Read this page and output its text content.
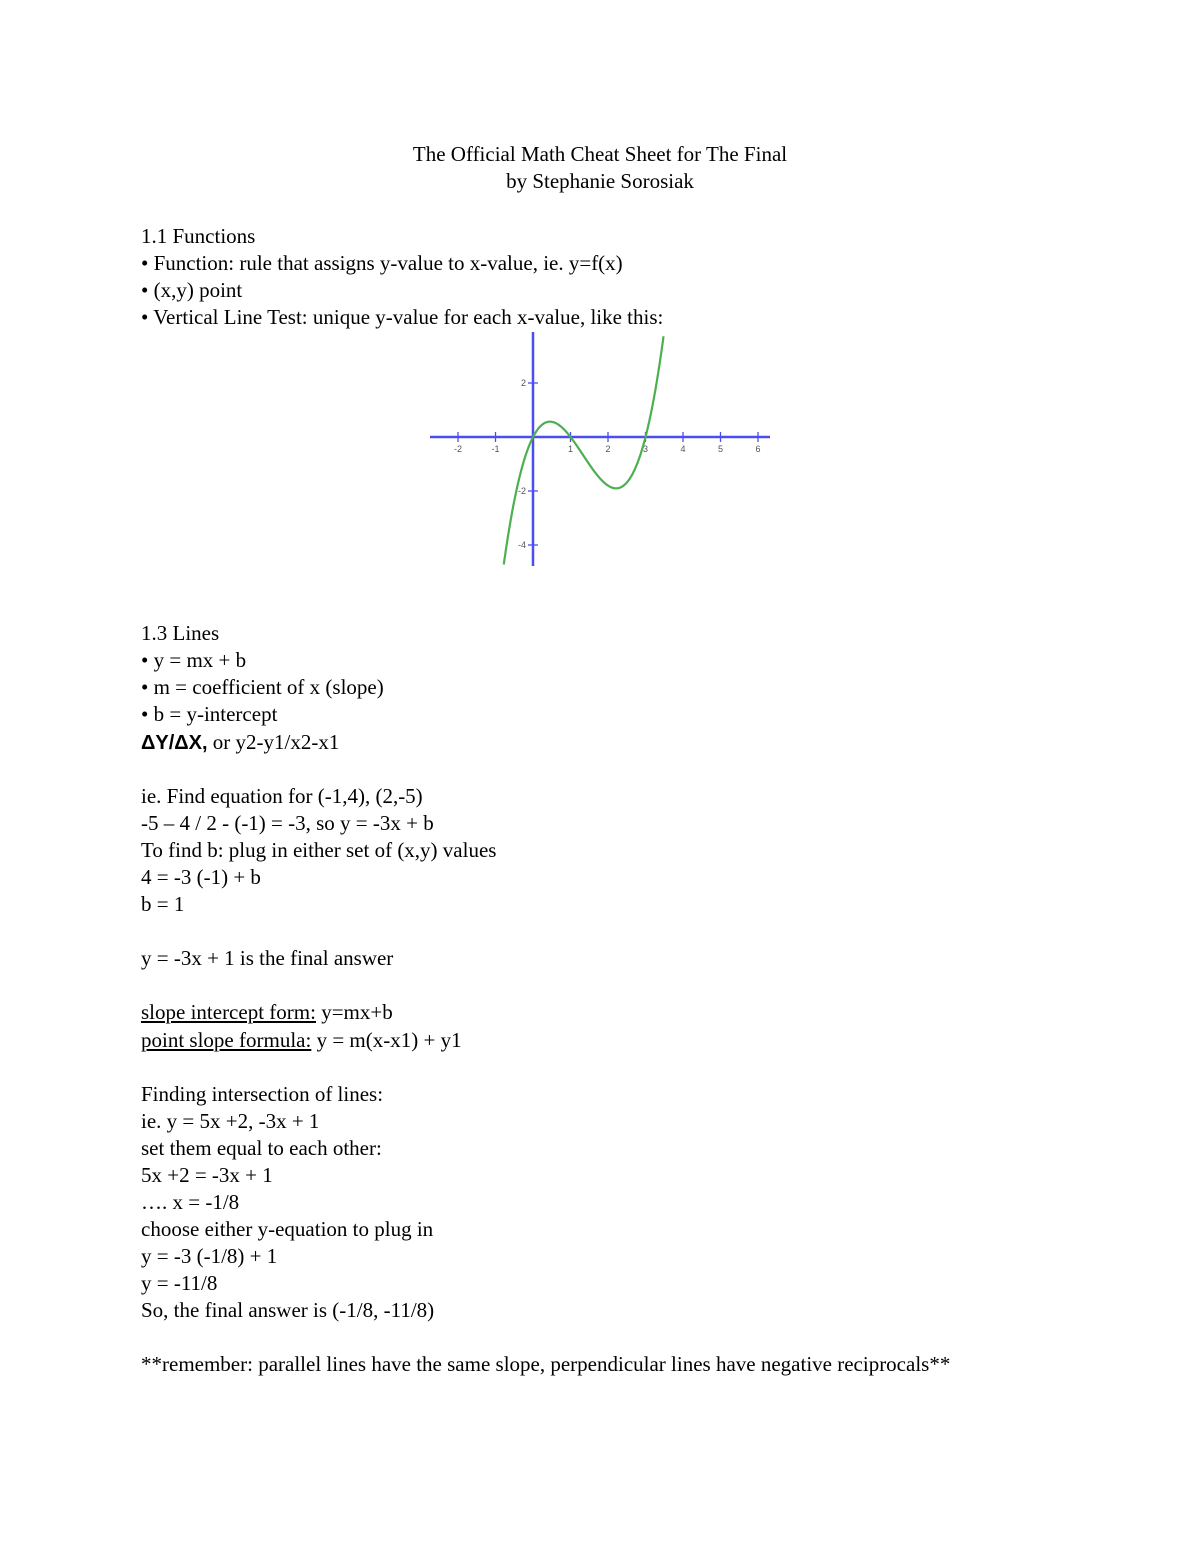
The Official Math Cheat Sheet for The Final
by Stephanie Sorosiak
1.1 Functions
• Function: rule that assigns y-value to x-value, ie. y=f(x)
• (x,y) point
• Vertical Line Test: unique y-value for each x-value, like this:
-2	-1	1	2	3	4	5	6
2
-2
-4
1.3 Lines
• y = mx + b
• m = coefficient of x (slope)
• b = y-intercept
ΔY/ΔX, or y2-y1/x2-x1
ie. Find equation for (-1,4), (2,-5)
-5 – 4 / 2 - (-1) = -3, so y = -3x + b
To find b: plug in either set of (x,y) values
4 = -3 (-1) + b
b = 1
y = -3x + 1 is the final answer
slope intercept form: y=mx+b
point slope formula: y = m(x-x1) + y1
Finding intersection of lines:
ie. y = 5x +2, -3x + 1
set them equal to each other:
5x +2 = -3x + 1
…. x = -1/8
choose either y-equation to plug in
y = -3 (-1/8) + 1
y = -11/8
So, the final answer is (-1/8, -11/8)
**remember: parallel lines have the same slope, perpendicular lines have negative reciprocals**
